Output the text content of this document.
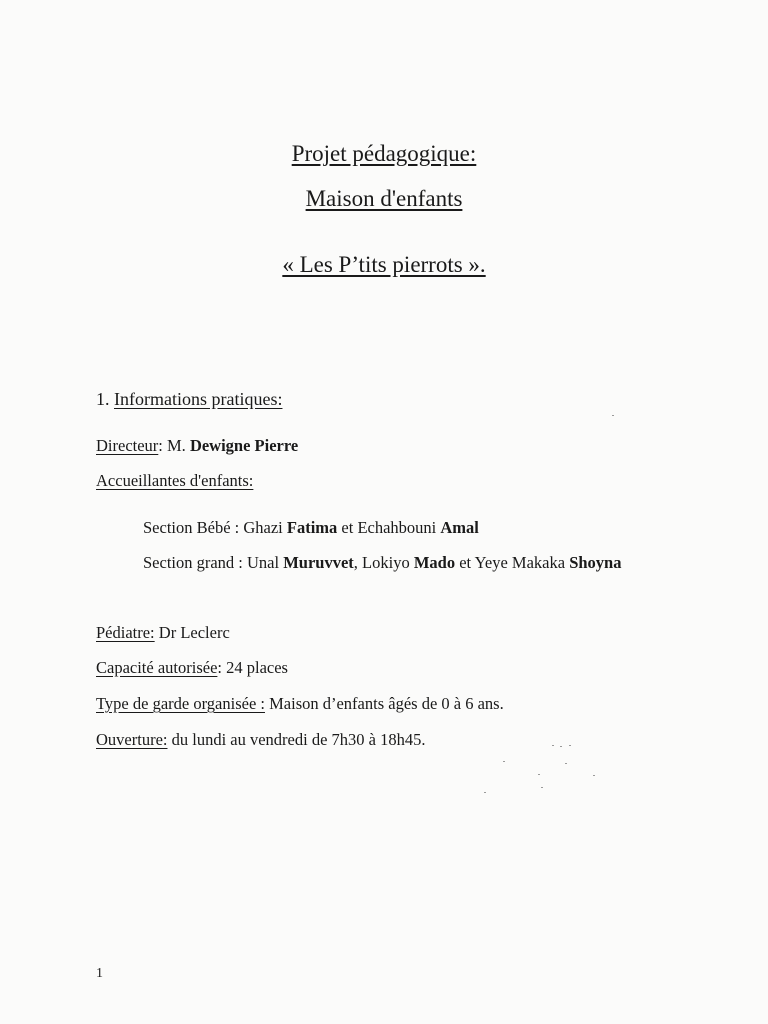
Projet pédagogique:
Maison d'enfants
« Les P’tits pierrots ».
1. Informations pratiques:
Directeur: M. Dewigne Pierre
Accueillantes d'enfants:
Section Bébé : Ghazi Fatima et Echahbouni Amal
Section grand : Unal Muruvvet, Lokiyo Mado et Yeye Makaka Shoyna
Pédiatre: Dr Leclerc
Capacité autorisée: 24 places
Type de garde organisée : Maison d’enfants âgés de 0 à 6 ans.
Ouverture: du lundi au vendredi de 7h30 à 18h45.
1
